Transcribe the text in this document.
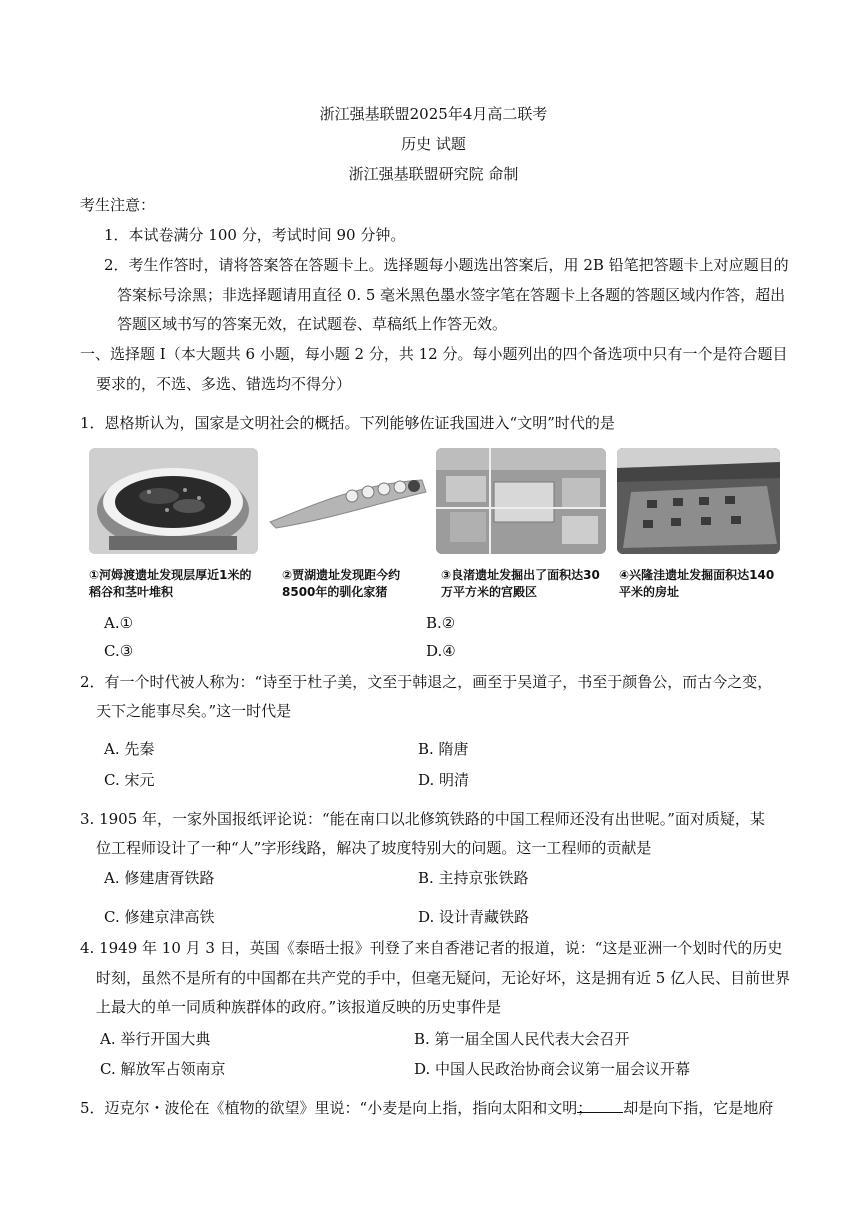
浙江强基联盟2025年4月高二联考
历史 试题
浙江强基联盟研究院 命制
考生注意：
1．本试卷满分 100 分，考试时间 90 分钟。
2．考生作答时，请将答案答在答题卡上。选择题每小题选出答案后，用 2B 铅笔把答题卡上对应题目的
答案标号涂黑；非选择题请用直径 0. 5 毫米黑色墨水签字笔在答题卡上各题的答题区域内作答，超出
答题区域书写的答案无效，在试题卷、草稿纸上作答无效。
一、选择题 I（本大题共 6 小题，每小题 2 分，共 12 分。每小题列出的四个备选项中只有一个是符合题目
要求的，不选、多选、错选均不得分）
1．恩格斯认为，国家是文明社会的概括。下列能够佐证我国进入“文明”时代的是
①河姆渡遗址发现层厚近1米的
稻谷和茎叶堆积
②贾湖遗址发现距今约
8500年的驯化家猪
③良渚遗址发掘出了面积达30
万平方米的宫殿区
④兴隆洼遗址发掘面积达140
平米的房址
A.①	B.②
C.③	D.④
2．有一个时代被人称为：“诗至于杜子美，文至于韩退之，画至于吴道子，书至于颜鲁公，而古今之变，
天下之能事尽矣。”这一时代是
A. 先秦	B. 隋唐
C. 宋元	D. 明清
3. 1905 年，一家外国报纸评论说：“能在南口以北修筑铁路的中国工程师还没有出世呢。”面对质疑，某
位工程师设计了一种“人”字形线路，解决了坡度特别大的问题。这一工程师的贡献是
A. 修建唐胥铁路	B. 主持京张铁路
C. 修建京津高铁	D. 设计青藏铁路
4. 1949 年 10 月 3 日，英国《泰晤士报》刊登了来自香港记者的报道，说：“这是亚洲一个划时代的历史
时刻，虽然不是所有的中国都在共产党的手中，但毫无疑问，无论好坏，这是拥有近 5 亿人民、目前世界
上最大的单一同质种族群体的政府。”该报道反映的历史事件是
A. 举行开国大典	B. 第一届全国人民代表大会召开
C. 解放军占领南京	D. 中国人民政治协商会议第一届会议开幕
5．迈克尔・波伦在《植物的欲望》里说：“小麦是向上指，指向太阳和文明； 却是向下指，它是地府
